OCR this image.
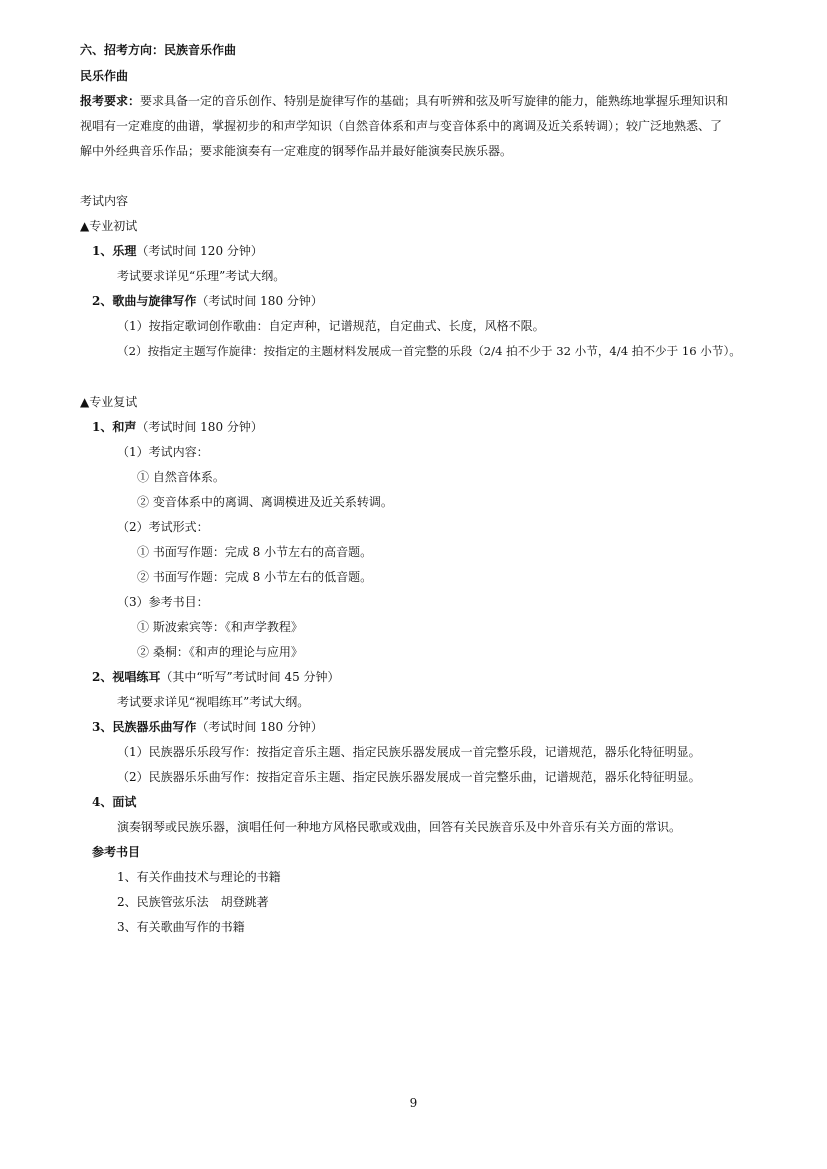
六、招考方向：民族音乐作曲
民乐作曲
报考要求：要求具备一定的音乐创作、特别是旋律写作的基础；具有听辨和弦及听写旋律的能力，能熟练地掌握乐理知识和
视唱有一定难度的曲谱，掌握初步的和声学知识（自然音体系和声与变音体系中的离调及近关系转调）；较广泛地熟悉、了
解中外经典音乐作品；要求能演奏有一定难度的钢琴作品并最好能演奏民族乐器。
考试内容
▲专业初试
1、乐理（考试时间 120 分钟）
考试要求详见“乐理”考试大纲。
2、歌曲与旋律写作（考试时间 180 分钟）
（1）按指定歌词创作歌曲：自定声种，记谱规范，自定曲式、长度，风格不限。
（2）按指定主题写作旋律：按指定的主题材料发展成一首完整的乐段（2/4 拍不少于 32 小节，4/4 拍不少于 16 小节）。
▲专业复试
1、和声（考试时间 180 分钟）
（1）考试内容：
① 自然音体系。
② 变音体系中的离调、离调模进及近关系转调。
（2）考试形式：
① 书面写作题：完成 8 小节左右的高音题。
② 书面写作题：完成 8 小节左右的低音题。
（3）参考书目：
① 斯波索宾等：《和声学教程》
② 桑桐：《和声的理论与应用》
2、视唱练耳（其中“听写”考试时间 45 分钟）
考试要求详见“视唱练耳”考试大纲。
3、民族器乐曲写作（考试时间 180 分钟）
（1）民族器乐乐段写作：按指定音乐主题、指定民族乐器发展成一首完整乐段，记谱规范，器乐化特征明显。
（2）民族器乐乐曲写作：按指定音乐主题、指定民族乐器发展成一首完整乐曲，记谱规范，器乐化特征明显。
4、面试
演奏钢琴或民族乐器，演唱任何一种地方风格民歌或戏曲，回答有关民族音乐及中外音乐有关方面的常识。
参考书目
1、有关作曲技术与理论的书籍
2、民族管弦乐法　胡登跳著
3、有关歌曲写作的书籍
9
